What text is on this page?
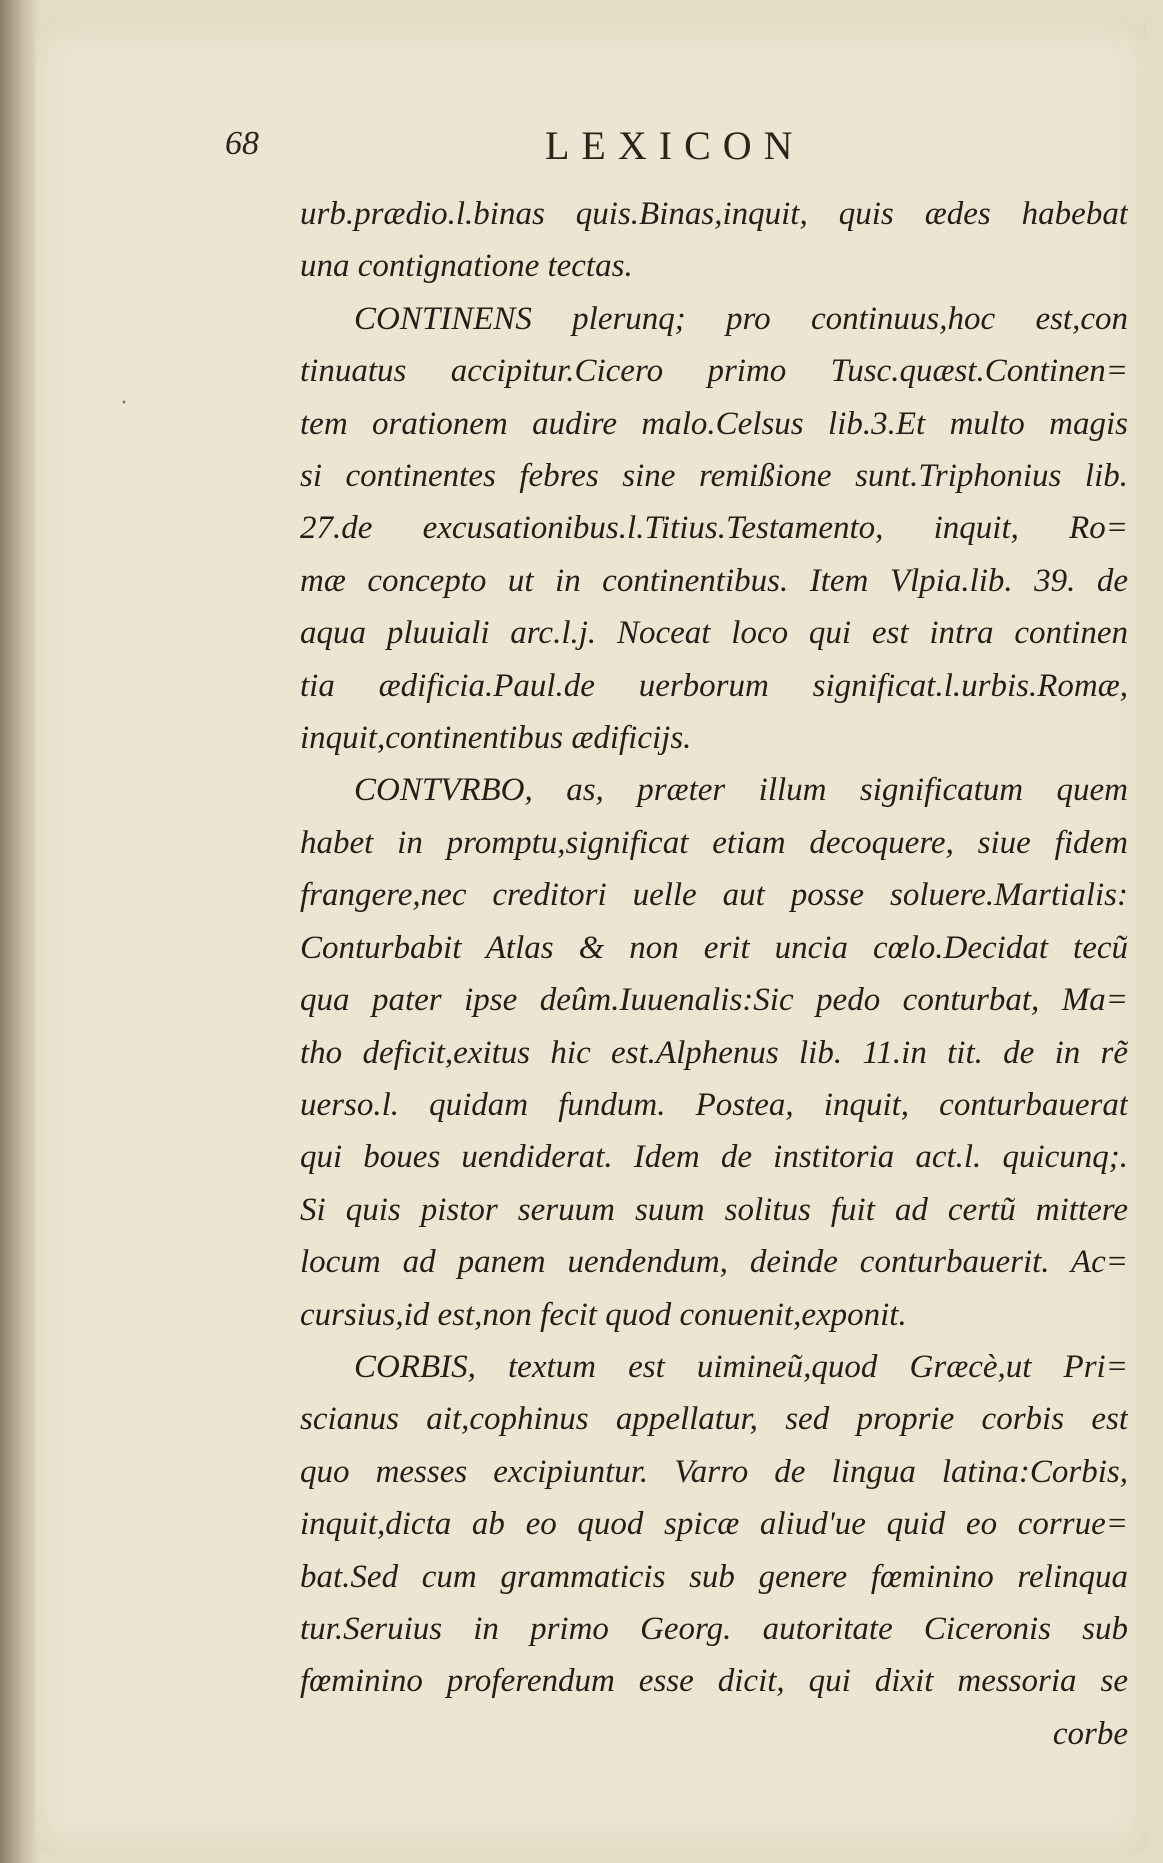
68	LEXICON
urb.prædio.l.binas quis.Binas,inquit, quis ædes habebat
una contignatione tectas.
CONTINENS plerunq; pro continuus,hoc est,con
tinuatus accipitur.Cicero primo Tusc.quæst.Continen=
tem orationem audire malo.Celsus lib.3.Et multo magis
si continentes febres sine remißione sunt.Triphonius lib.
27.de excusationibus.l.Titius.Testamento, inquit, Ro=
mæ concepto ut in continentibus. Item Vlpia.lib. 39. de
aqua pluuiali arc.l.j. Noceat loco qui est intra continen
tia ædificia.Paul.de uerborum significat.l.urbis.Romæ,
inquit,continentibus ædificijs.
CONTVRBO, as, præter illum significatum quem
habet in promptu,significat etiam decoquere, siue fidem
frangere,nec creditori uelle aut posse soluere.Martialis:
Conturbabit Atlas & non erit uncia cœlo.Decidat tecũ
qua pater ipse deûm.Iuuenalis:Sic pedo conturbat, Ma=
tho deficit,exitus hic est.Alphenus lib. 11.in tit. de in rẽ
uerso.l. quidam fundum. Postea, inquit, conturbauerat
qui boues uendiderat. Idem de institoria act.l. quicunq;.
Si quis pistor seruum suum solitus fuit ad certũ mittere
locum ad panem uendendum, deinde conturbauerit. Ac=
cursius,id est,non fecit quod conuenit,exponit.
CORBIS, textum est uimineũ,quod Græcè,ut Pri=
scianus ait,cophinus appellatur, sed proprie corbis est
quo messes excipiuntur. Varro de lingua latina:Corbis,
inquit,dicta ab eo quod spicæ aliud'ue quid eo corrue=
bat.Sed cum grammaticis sub genere fœminino relinqua
tur.Seruius in primo Georg. autoritate Ciceronis sub
fœminino proferendum esse dicit, qui dixit messoria se
corbe
·
